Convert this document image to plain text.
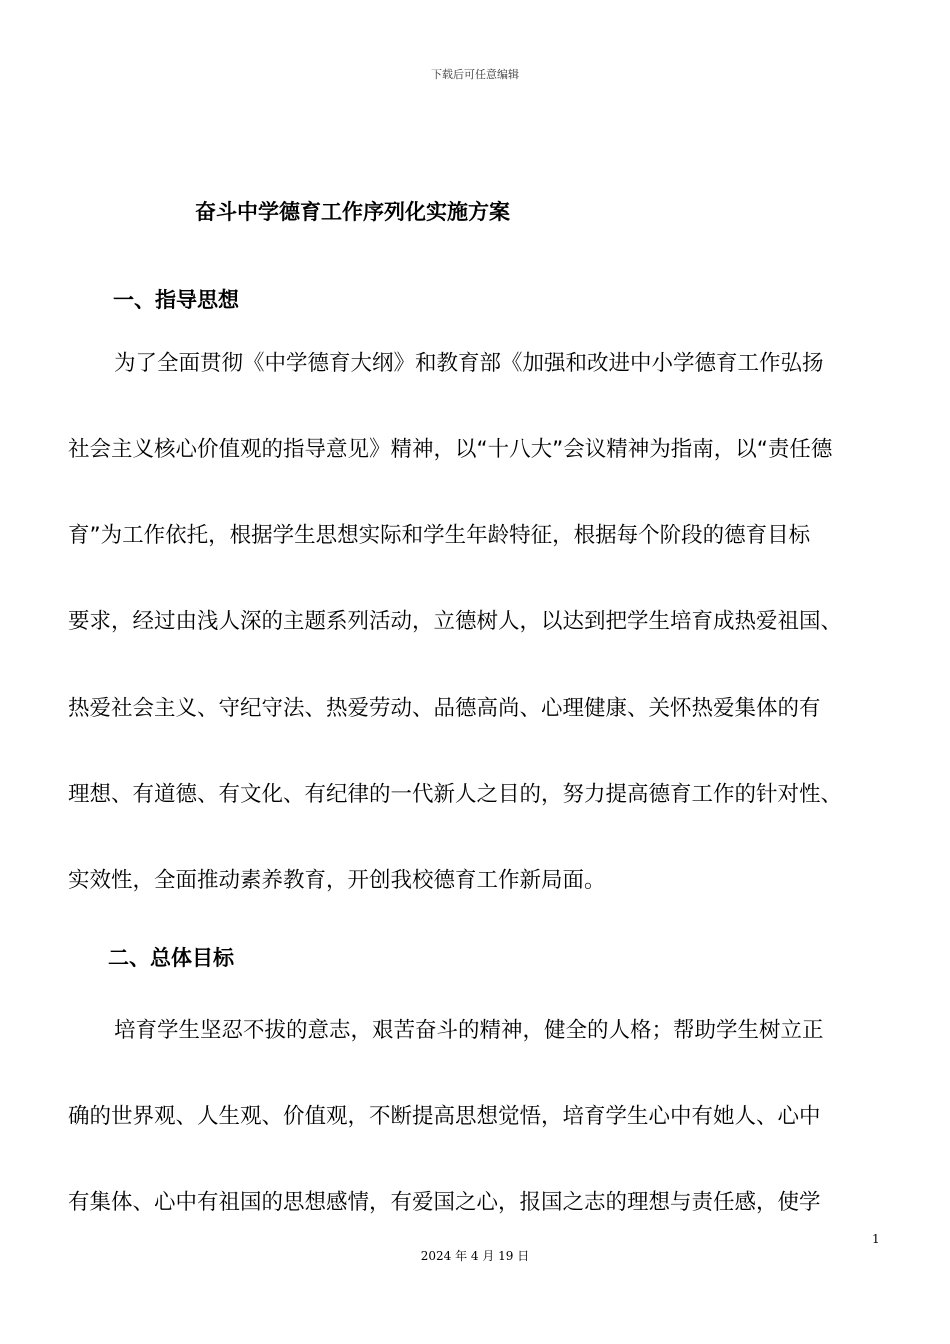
下载后可任意编辑
奋斗中学德育工作序列化实施方案
一、指导思想
为了全面贯彻《中学德育大纲》和教育部《加强和改进中小学德育工作弘扬
社会主义核心价值观的指导意见》精神，以“十八大”会议精神为指南，以“责任德
育”为工作依托，根据学生思想实际和学生年龄特征，根据每个阶段的德育目标
要求，经过由浅人深的主题系列活动，立德树人，以达到把学生培育成热爱祖国、
热爱社会主义、守纪守法、热爱劳动、品德高尚、心理健康、关怀热爱集体的有
理想、有道德、有文化、有纪律的一代新人之目的，努力提高德育工作的针对性、
实效性，全面推动素养教育，开创我校德育工作新局面。
二、总体目标
培育学生坚忍不拔的意志，艰苦奋斗的精神，健全的人格；帮助学生树立正
确的世界观、人生观、价值观，不断提高思想觉悟，培育学生心中有她人、心中
有集体、心中有祖国的思想感情，有爱国之心，报国之志的理想与责任感，使学
1
2024 年 4 月 19 日
